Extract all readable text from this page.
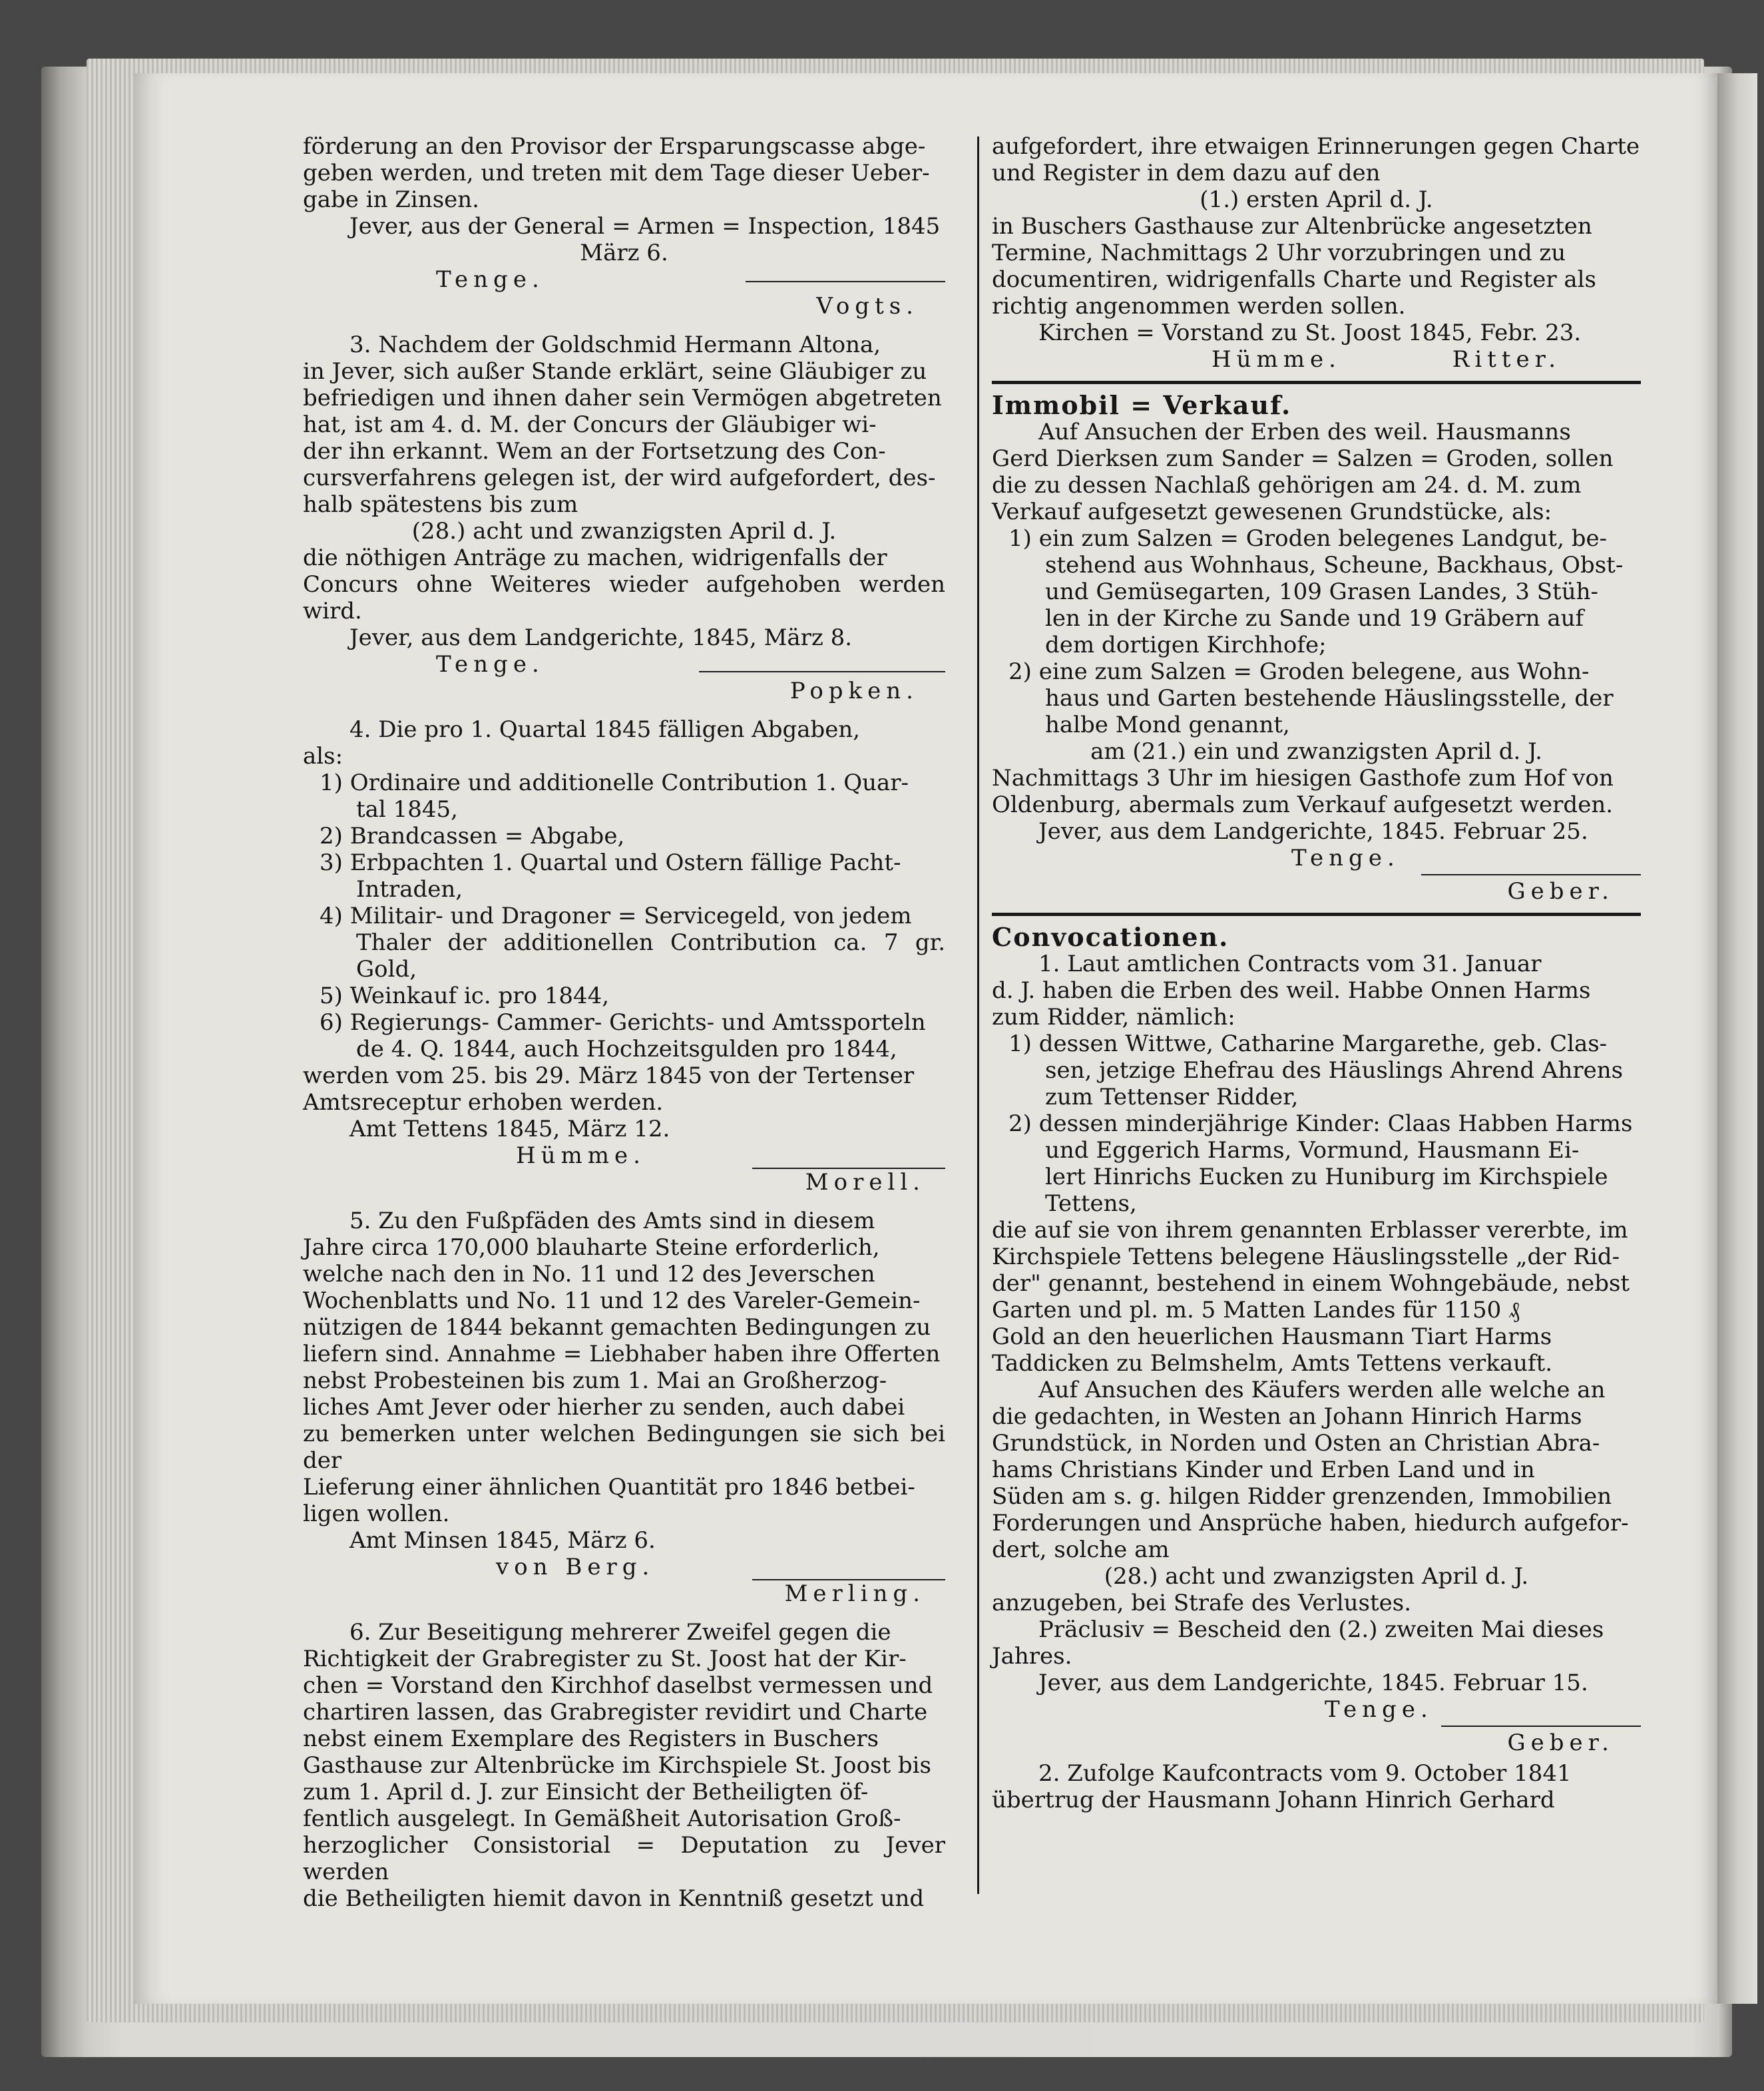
förderung an den Provisor der Ersparungscasse abge-

geben werden, und treten mit dem Tage dieser Ueber-

gabe in Zinsen.

Jever, aus der General = Armen = Inspection, 1845

März 6.

Tenge.

Vogts.

3. Nachdem der Goldschmid Hermann Altona,

in Jever, sich außer Stande erklärt, seine Gläubiger zu

befriedigen und ihnen daher sein Vermögen abgetreten

hat, ist am 4. d. M. der Concurs der Gläubiger wi-

der ihn erkannt. Wem an der Fortsetzung des Con-

cursverfahrens gelegen ist, der wird aufgefordert, des-

halb spätestens bis zum

(28.) acht und zwanzigsten April d. J.

die nöthigen Anträge zu machen, widrigenfalls der

Concurs ohne Weiteres wieder aufgehoben werden wird.

Jever, aus dem Landgerichte, 1845, März 8.

Tenge.

Popken.

4. Die pro 1. Quartal 1845 fälligen Abgaben,

als:

1) Ordinaire und additionelle Contribution 1. Quar-

tal 1845,

2) Brandcassen = Abgabe,

3) Erbpachten 1. Quartal und Ostern fällige Pacht-

Intraden,

4) Militair- und Dragoner = Servicegeld, von jedem

Thaler der additionellen Contribution ca. 7 gr. Gold,

5) Weinkauf ic. pro 1844,

6) Regierungs- Cammer- Gerichts- und Amtssporteln

de 4. Q. 1844, auch Hochzeitsgulden pro 1844,

werden vom 25. bis 29. März 1845 von der Tertenser

Amtsreceptur erhoben werden.

Amt Tettens 1845, März 12.

Hümme.

Morell.

5. Zu den Fußpfäden des Amts sind in diesem

Jahre circa 170,000 blauharte Steine erforderlich,

welche nach den in No. 11 und 12 des Jeverschen

Wochenblatts und No. 11 und 12 des Vareler-Gemein-

nützigen de 1844 bekannt gemachten Bedingungen zu

liefern sind. Annahme = Liebhaber haben ihre Offerten

nebst Probesteinen bis zum 1. Mai an Großherzog-

liches Amt Jever oder hierher zu senden, auch dabei

zu bemerken unter welchen Bedingungen sie sich bei der

Lieferung einer ähnlichen Quantität pro 1846 betbei-

ligen wollen.

Amt Minsen 1845, März 6.

von Berg.

Merling.

6. Zur Beseitigung mehrerer Zweifel gegen die

Richtigkeit der Grabregister zu St. Joost hat der Kir-

chen = Vorstand den Kirchhof daselbst vermessen und

chartiren lassen, das Grabregister revidirt und Charte

nebst einem Exemplare des Registers in Buschers

Gasthause zur Altenbrücke im Kirchspiele St. Joost bis

zum 1. April d. J. zur Einsicht der Betheiligten öf-

fentlich ausgelegt. In Gemäßheit Autorisation Groß-

herzoglicher Consistorial = Deputation zu Jever werden

die Betheiligten hiemit davon in Kenntniß gesetzt und

aufgefordert, ihre etwaigen Erinnerungen gegen Charte

und Register in dem dazu auf den

(1.) ersten April d. J.

in Buschers Gasthause zur Altenbrücke angesetzten

Termine, Nachmittags 2 Uhr vorzubringen und zu

documentiren, widrigenfalls Charte und Register als

richtig angenommen werden sollen.

Kirchen = Vorstand zu St. Joost 1845, Febr. 23.

Hümme.	Ritter.

Immobil = Verkauf.

Auf Ansuchen der Erben des weil. Hausmanns

Gerd Dierksen zum Sander = Salzen = Groden, sollen

die zu dessen Nachlaß gehörigen am 24. d. M. zum

Verkauf aufgesetzt gewesenen Grundstücke, als:

1) ein zum Salzen = Groden belegenes Landgut, be-

stehend aus Wohnhaus, Scheune, Backhaus, Obst-

und Gemüsegarten, 109 Grasen Landes, 3 Stüh-

len in der Kirche zu Sande und 19 Gräbern auf

dem dortigen Kirchhofe;

2) eine zum Salzen = Groden belegene, aus Wohn-

haus und Garten bestehende Häuslingsstelle, der

halbe Mond genannt,

am (21.) ein und zwanzigsten April d. J.

Nachmittags 3 Uhr im hiesigen Gasthofe zum Hof von

Oldenburg, abermals zum Verkauf aufgesetzt werden.

Jever, aus dem Landgerichte, 1845. Februar 25.

Tenge.

Geber.

Convocationen.

1. Laut amtlichen Contracts vom 31. Januar

d. J. haben die Erben des weil. Habbe Onnen Harms

zum Ridder, nämlich:

1) dessen Wittwe, Catharine Margarethe, geb. Clas-

sen, jetzige Ehefrau des Häuslings Ahrend Ahrens

zum Tettenser Ridder,

2) dessen minderjährige Kinder: Claas Habben Harms

und Eggerich Harms, Vormund, Hausmann Ei-

lert Hinrichs Eucken zu Huniburg im Kirchspiele

Tettens,

die auf sie von ihrem genannten Erblasser vererbte, im

Kirchspiele Tettens belegene Häuslingsstelle „der Rid-

der" genannt, bestehend in einem Wohngebäude, nebst

Garten und pl. m. 5 Matten Landes für 1150 ₰

Gold an den heuerlichen Hausmann Tiart Harms

Taddicken zu Belmshelm, Amts Tettens verkauft.

Auf Ansuchen des Käufers werden alle welche an

die gedachten, in Westen an Johann Hinrich Harms

Grundstück, in Norden und Osten an Christian Abra-

hams Christians Kinder und Erben Land und in

Süden am s. g. hilgen Ridder grenzenden, Immobilien

Forderungen und Ansprüche haben, hiedurch aufgefor-

dert, solche am

(28.) acht und zwanzigsten April d. J.

anzugeben, bei Strafe des Verlustes.

Präclusiv = Bescheid den (2.) zweiten Mai dieses

Jahres.

Jever, aus dem Landgerichte, 1845. Februar 15.

Tenge.

Geber.

2. Zufolge Kaufcontracts vom 9. October 1841

übertrug der Hausmann Johann Hinrich Gerhard
